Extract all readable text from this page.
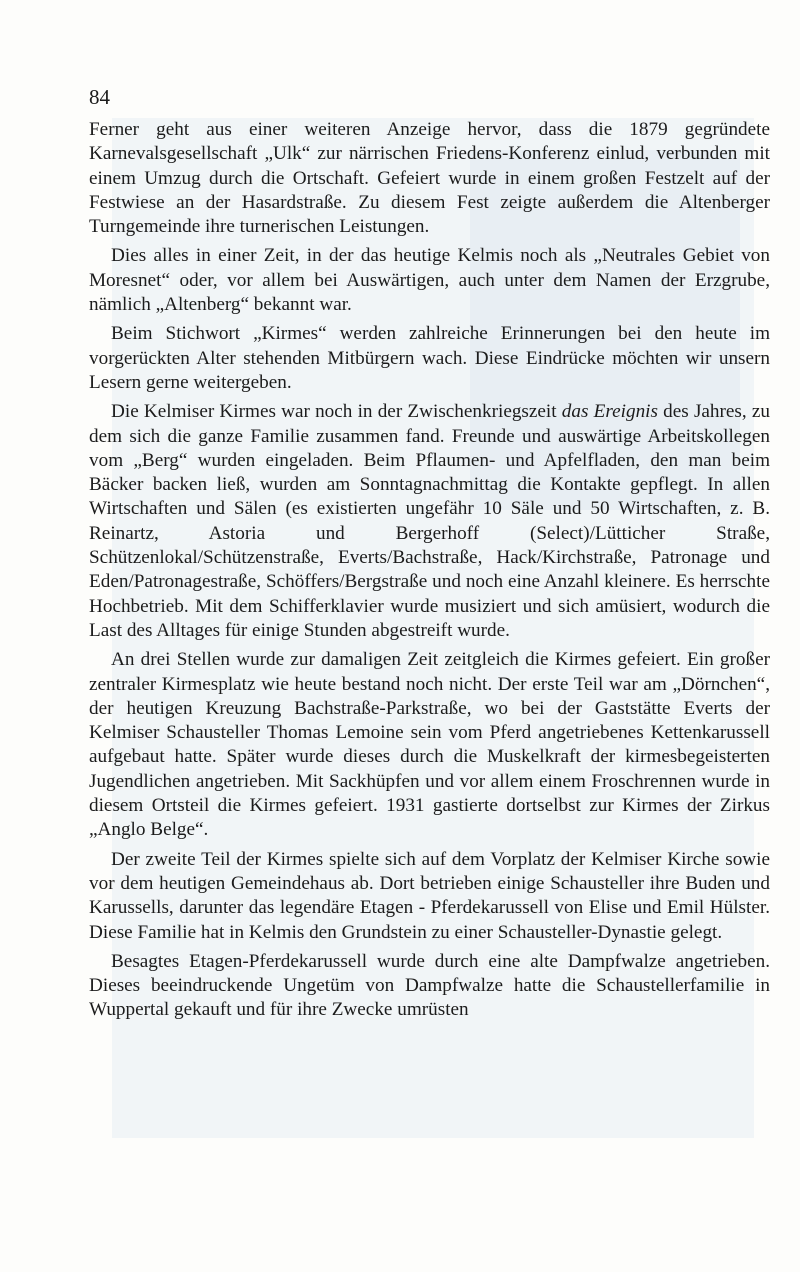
84

Ferner geht aus einer weiteren Anzeige hervor, dass die 1879 gegründete Karnevalsgesellschaft „Ulk“ zur närrischen Friedens-Konferenz einlud, verbunden mit einem Umzug durch die Ortschaft. Gefeiert wurde in einem großen Festzelt auf der Festwiese an der Hasardstraße. Zu diesem Fest zeigte außerdem die Altenberger Turngemeinde ihre turnerischen Leistungen.

Dies alles in einer Zeit, in der das heutige Kelmis noch als „Neutrales Gebiet von Moresnet“ oder, vor allem bei Auswärtigen, auch unter dem Namen der Erzgrube, nämlich „Altenberg“ bekannt war.

Beim Stichwort „Kirmes“ werden zahlreiche Erinnerungen bei den heute im vorgerückten Alter stehenden Mitbürgern wach. Diese Eindrücke möchten wir unsern Lesern gerne weitergeben.

Die Kelmiser Kirmes war noch in der Zwischenkriegszeit das Ereignis des Jahres, zu dem sich die ganze Familie zusammen fand. Freunde und auswärtige Arbeitskollegen vom „Berg“ wurden eingeladen. Beim Pflaumen- und Apfelfladen, den man beim Bäcker backen ließ, wurden am Sonntagnachmittag die Kontakte gepflegt. In allen Wirtschaften und Sälen (es existierten ungefähr 10 Säle und 50 Wirtschaften, z. B. Reinartz, Astoria und Bergerhoff (Select)/Lütticher Straße, Schützenlokal/Schützenstraße, Everts/Bachstraße, Hack/Kirchstraße, Patronage und Eden/Patronagestraße, Schöffers/Bergstraße und noch eine Anzahl kleinere. Es herrschte Hochbetrieb. Mit dem Schifferklavier wurde musiziert und sich amüsiert, wodurch die Last des Alltages für einige Stunden abgestreift wurde.

An drei Stellen wurde zur damaligen Zeit zeitgleich die Kirmes gefeiert. Ein großer zentraler Kirmesplatz wie heute bestand noch nicht. Der erste Teil war am „Dörnchen“, der heutigen Kreuzung Bachstraße-Parkstraße, wo bei der Gaststätte Everts der Kelmiser Schausteller Thomas Lemoine sein vom Pferd angetriebenes Kettenkarussell aufgebaut hatte. Später wurde dieses durch die Muskelkraft der kirmesbegeisterten Jugendlichen angetrieben. Mit Sackhüpfen und vor allem einem Froschrennen wurde in diesem Ortsteil die Kirmes gefeiert. 1931 gastierte dortselbst zur Kirmes der Zirkus „Anglo Belge“.

Der zweite Teil der Kirmes spielte sich auf dem Vorplatz der Kelmiser Kirche sowie vor dem heutigen Gemeindehaus ab. Dort betrieben einige Schausteller ihre Buden und Karussells, darunter das legendäre Etagen - Pferdekarussell von Elise und Emil Hülster. Diese Familie hat in Kelmis den Grundstein zu einer Schausteller-Dynastie gelegt.

Besagtes Etagen-Pferdekarussell wurde durch eine alte Dampfwalze angetrieben. Dieses beeindruckende Ungetüm von Dampfwalze hatte die Schaustellerfamilie in Wuppertal gekauft und für ihre Zwecke umrüsten
